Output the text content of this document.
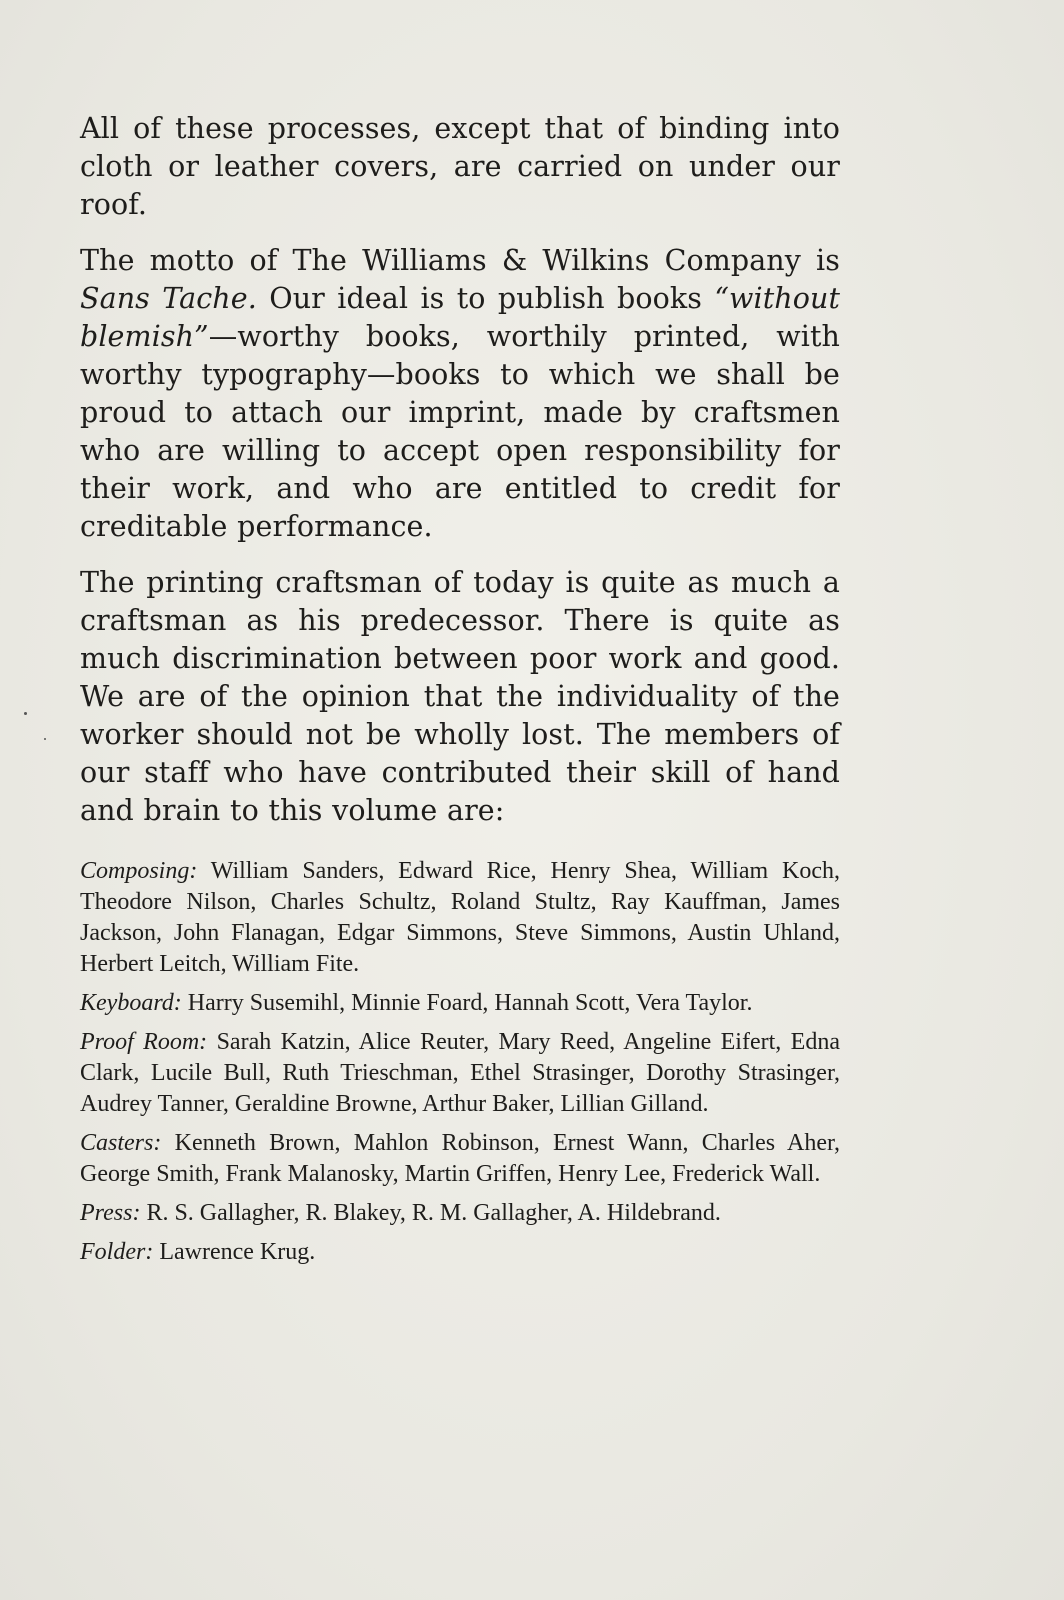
All of these processes, except that of binding into cloth or leather covers, are carried on under our roof.

The motto of The Williams & Wilkins Company is Sans Tache. Our ideal is to publish books “without blemish”—worthy books, worthily printed, with worthy typography—books to which we shall be proud to attach our imprint, made by craftsmen who are willing to accept open responsibility for their work, and who are entitled to credit for creditable performance.

The printing craftsman of today is quite as much a craftsman as his predecessor. There is quite as much discrimination between poor work and good. We are of the opinion that the individuality of the worker should not be wholly lost. The members of our staff who have contributed their skill of hand and brain to this volume are:

Composing: William Sanders, Edward Rice, Henry Shea, William Koch, Theodore Nilson, Charles Schultz, Roland Stultz, Ray Kauffman, James Jackson, John Flanagan, Edgar Simmons, Steve Simmons, Austin Uhland, Herbert Leitch, William Fite.

Keyboard: Harry Susemihl, Minnie Foard, Hannah Scott, Vera Taylor.

Proof Room: Sarah Katzin, Alice Reuter, Mary Reed, Angeline Eifert, Edna Clark, Lucile Bull, Ruth Trieschman, Ethel Strasinger, Dorothy Strasinger, Audrey Tanner, Geraldine Browne, Arthur Baker, Lillian Gilland.

Casters: Kenneth Brown, Mahlon Robinson, Ernest Wann, Charles Aher, George Smith, Frank Malanosky, Martin Griffen, Henry Lee, Frederick Wall.

Press: R. S. Gallagher, R. Blakey, R. M. Gallagher, A. Hildebrand.

Folder: Lawrence Krug.
